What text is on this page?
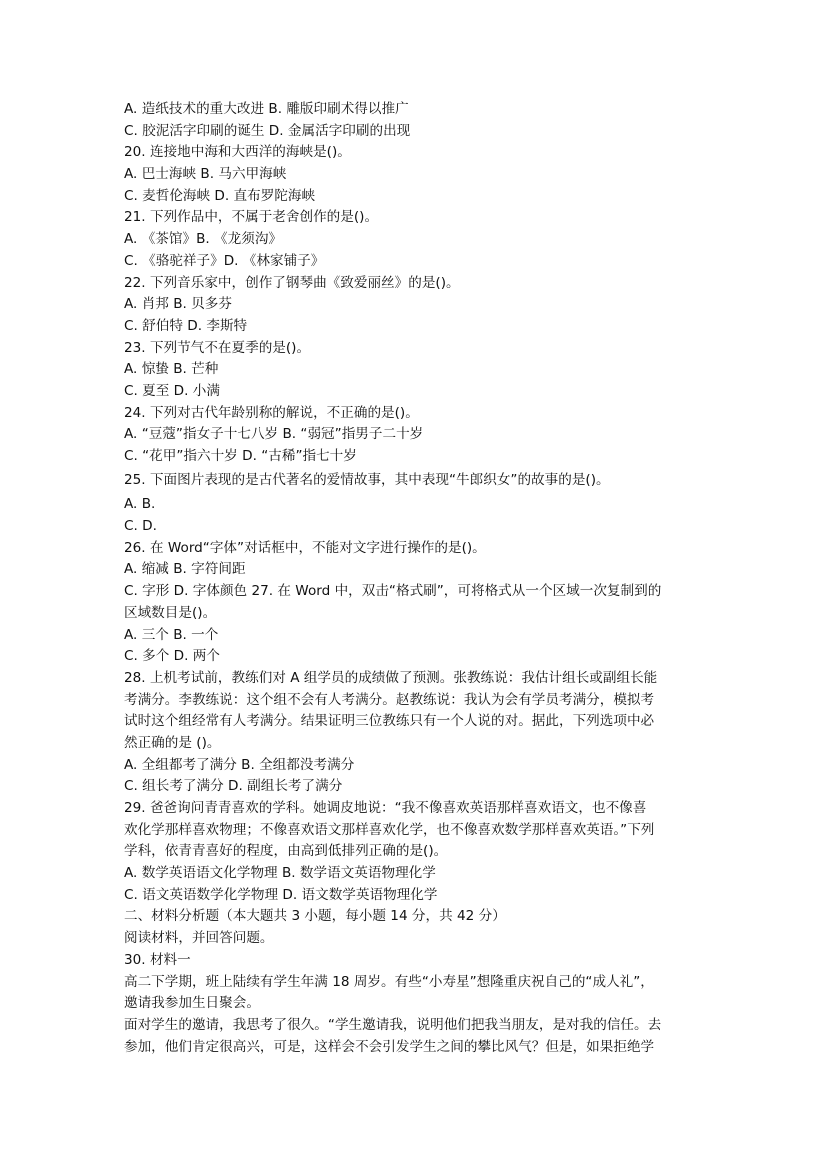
A. 造纸技术的重大改进 B. 雕版印刷术得以推广
C. 胶泥活字印刷的诞生 D. 金属活字印刷的出现
20. 连接地中海和大西洋的海峡是()。
A. 巴士海峡 B. 马六甲海峡
C. 麦哲伦海峡 D. 直布罗陀海峡
21. 下列作品中，不属于老舍创作的是()。
A. 《茶馆》B. 《龙须沟》
C. 《骆驼祥子》D. 《林家铺子》
22. 下列音乐家中，创作了钢琴曲《致爱丽丝》的是()。
A. 肖邦 B. 贝多芬
C. 舒伯特 D. 李斯特
23. 下列节气不在夏季的是()。
A. 惊蛰 B. 芒种
C. 夏至 D. 小满
24. 下列对古代年龄别称的解说，不正确的是()。
A. “豆蔻”指女子十七八岁 B. “弱冠”指男子二十岁
C. “花甲”指六十岁 D. “古稀”指七十岁
25. 下面图片表现的是古代著名的爱情故事，其中表现“牛郎织女”的故事的是()。
A. B.
C. D.
26. 在 Word“字体”对话框中，不能对文字进行操作的是()。
A. 缩减 B. 字符间距
C. 字形 D. 字体颜色 27. 在 Word 中，双击“格式刷”，可将格式从一个区域一次复制到的
区域数目是()。
A. 三个 B. 一个
C. 多个 D. 两个
28. 上机考试前，教练们对 A 组学员的成绩做了预测。张教练说：我估计组长或副组长能
考满分。李教练说：这个组不会有人考满分。赵教练说：我认为会有学员考满分，模拟考
试时这个组经常有人考满分。结果证明三位教练只有一个人说的对。据此，下列选项中必
然正确的是 ()。
A. 全组都考了满分 B. 全组都没考满分
C. 组长考了满分 D. 副组长考了满分
29. 爸爸询问青青喜欢的学科。她调皮地说：“我不像喜欢英语那样喜欢语文，也不像喜
欢化学那样喜欢物理；不像喜欢语文那样喜欢化学，也不像喜欢数学那样喜欢英语。”下列
学科，依青青喜好的程度，由高到低排列正确的是()。
A. 数学英语语文化学物理 B. 数学语文英语物理化学
C. 语文英语数学化学物理 D. 语文数学英语物理化学
二、材料分析题（本大题共 3 小题，每小题 14 分，共 42 分）
阅读材料，并回答问题。
30. 材料一
高二下学期，班上陆续有学生年满 18 周岁。有些“小寿星”想隆重庆祝自己的“成人礼”，
邀请我参加生日聚会。
面对学生的邀请，我思考了很久。“学生邀请我，说明他们把我当朋友，是对我的信任。去
参加，他们肯定很高兴，可是，这样会不会引发学生之间的攀比风气？但是，如果拒绝学
